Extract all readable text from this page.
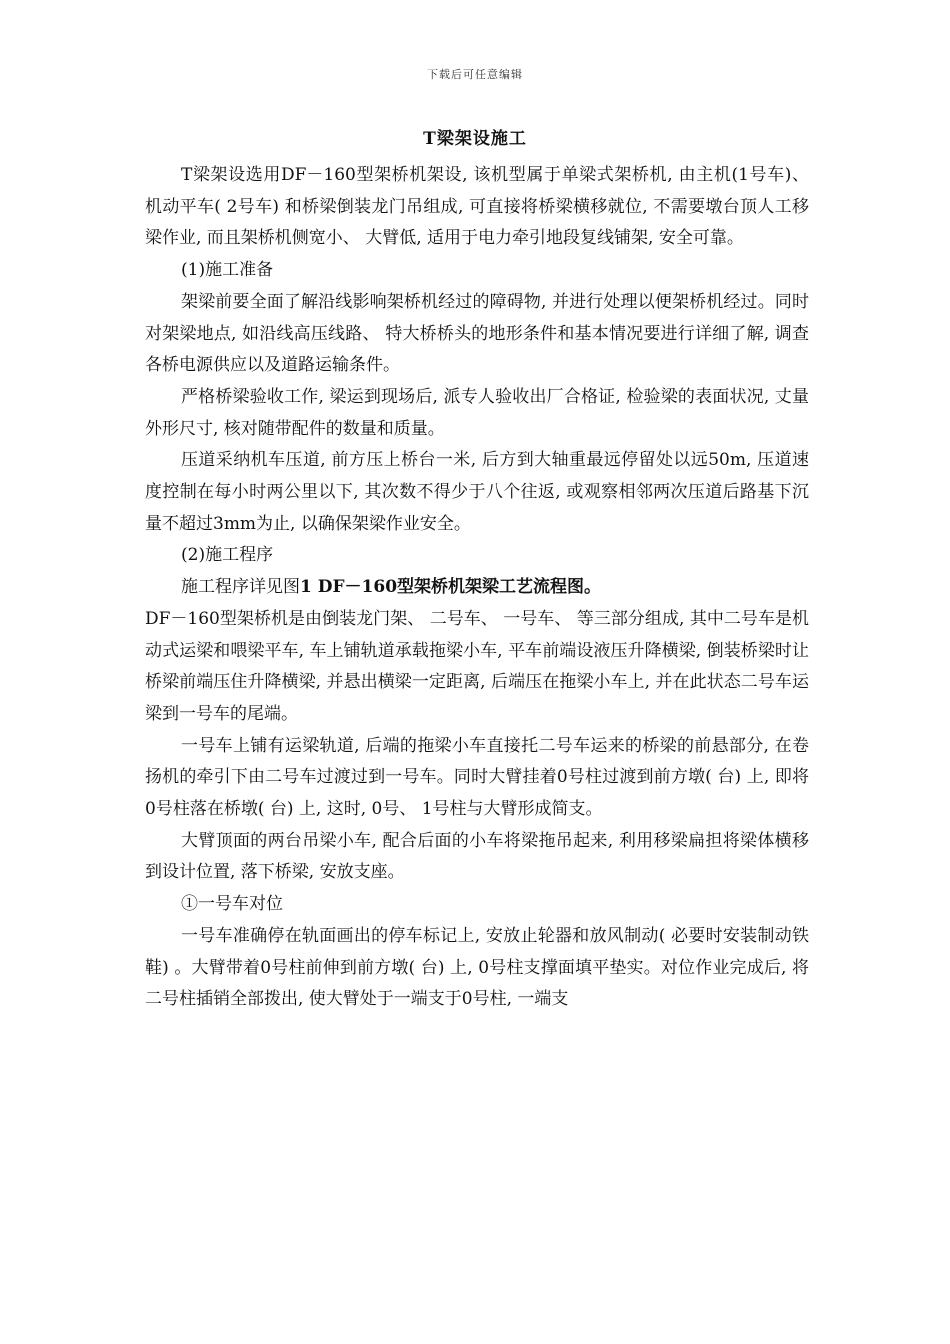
下载后可任意编辑
T梁架设施工

T梁架设选用DF－160型架桥机架设, 该机型属于单梁式架桥机, 由主机(1号车)、 机动平车( 2号车) 和桥梁倒装龙门吊组成, 可直接将桥梁横移就位, 不需要墩台顶人工移梁作业, 而且架桥机侧宽小、 大臂低, 适用于电力牵引地段复线铺架, 安全可靠。

(1)施工准备

架梁前要全面了解沿线影响架桥机经过的障碍物, 并进行处理以便架桥机经过。同时对架梁地点, 如沿线高压线路、 特大桥桥头的地形条件和基本情况要进行详细了解, 调查各桥电源供应以及道路运输条件。

严格桥梁验收工作, 梁运到现场后, 派专人验收出厂合格证, 检验梁的表面状况, 丈量外形尺寸, 核对随带配件的数量和质量。

压道采纳机车压道, 前方压上桥台一米, 后方到大轴重最远停留处以远50m, 压道速度控制在每小时两公里以下, 其次数不得少于八个往返, 或观察相邻两次压道后路基下沉量不超过3mm为止, 以确保架梁作业安全。

(2)施工程序

施工程序详见图1 DF－160型架桥机架梁工艺流程图。

DF－160型架桥机是由倒装龙门架、 二号车、 一号车、 等三部分组成, 其中二号车是机动式运梁和喂梁平车, 车上铺轨道承载拖梁小车, 平车前端设液压升降横梁, 倒装桥梁时让桥梁前端压住升降横梁, 并悬出横梁一定距离, 后端压在拖梁小车上, 并在此状态二号车运梁到一号车的尾端。

一号车上铺有运梁轨道, 后端的拖梁小车直接托二号车运来的桥梁的前悬部分, 在卷扬机的牵引下由二号车过渡过到一号车。同时大臂挂着0号柱过渡到前方墩( 台) 上, 即将0号柱落在桥墩( 台) 上, 这时, 0号、 1号柱与大臂形成简支。

大臂顶面的两台吊梁小车, 配合后面的小车将梁拖吊起来, 利用移梁扁担将梁体横移到设计位置, 落下桥梁, 安放支座。

①一号车对位

一号车准确停在轨面画出的停车标记上, 安放止轮器和放风制动( 必要时安装制动铁鞋) 。大臂带着0号柱前伸到前方墩( 台) 上, 0号柱支撑面填平垫实。对位作业完成后, 将二号柱插销全部拨出, 使大臂处于一端支于0号柱, 一端支
